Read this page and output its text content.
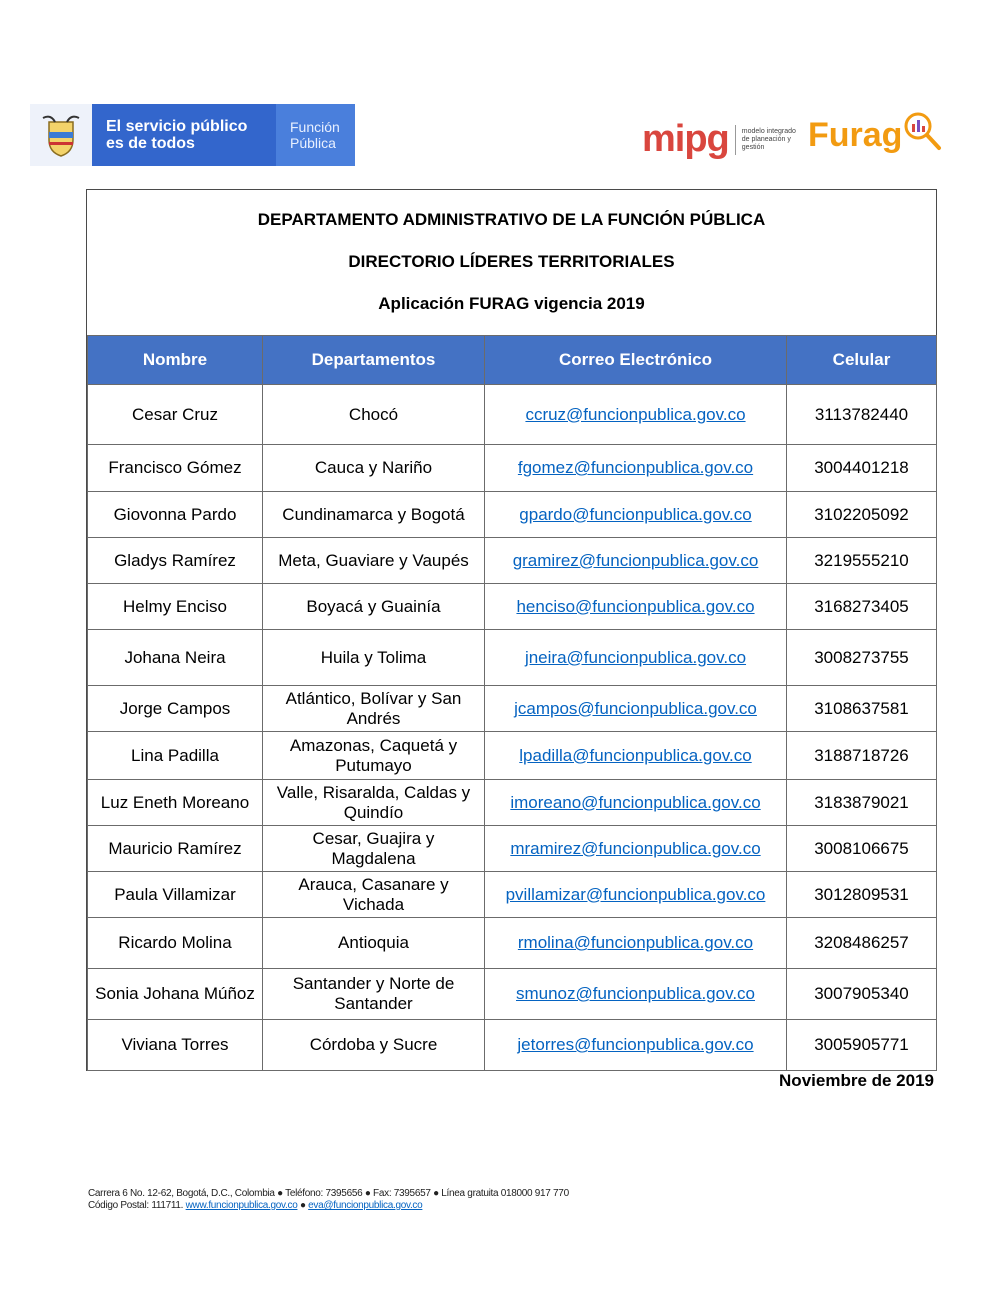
El servicio público
es de todos
Función
Pública	mipg modelo integrado de planeación y gestión	Furag
DEPARTAMENTO ADMINISTRATIVO DE LA FUNCIÓN PÚBLICA
DIRECTORIO LÍDERES TERRITORIALES
Aplicación FURAG vigencia 2019
Nombre	Departamentos	Correo Electrónico	Celular
Cesar Cruz	Chocó	ccruz@funcionpublica.gov.co	3113782440
Francisco Gómez	Cauca y Nariño	fgomez@funcionpublica.gov.co	3004401218
Giovonna Pardo	Cundinamarca y Bogotá	gpardo@funcionpublica.gov.co	3102205092
Gladys Ramírez	Meta, Guaviare y Vaupés	gramirez@funcionpublica.gov.co	3219555210
Helmy Enciso	Boyacá y Guainía	henciso@funcionpublica.gov.co	3168273405
Johana Neira	Huila y Tolima	jneira@funcionpublica.gov.co	3008273755
Jorge Campos	Atlántico, Bolívar y San Andrés	jcampos@funcionpublica.gov.co	3108637581
Lina Padilla	Amazonas, Caquetá y Putumayo	lpadilla@funcionpublica.gov.co	3188718726
Luz Eneth Moreano	Valle, Risaralda, Caldas y Quindío	imoreano@funcionpublica.gov.co	3183879021
Mauricio Ramírez	Cesar, Guajira y Magdalena	mramirez@funcionpublica.gov.co	3008106675
Paula Villamizar	Arauca, Casanare y Vichada	pvillamizar@funcionpublica.gov.co	3012809531
Ricardo Molina	Antioquia	rmolina@funcionpublica.gov.co	3208486257
Sonia Johana Múñoz	Santander y Norte de Santander	smunoz@funcionpublica.gov.co	3007905340
Viviana Torres	Córdoba y Sucre	jetorres@funcionpublica.gov.co	3005905771
Noviembre de 2019
Carrera 6 No. 12-62, Bogotá, D.C., Colombia ● Teléfono: 7395656 ● Fax: 7395657 ● Línea gratuita 018000 917 770
Código Postal: 111711. www.funcionpublica.gov.co ● eva@funcionpublica.gov.co
